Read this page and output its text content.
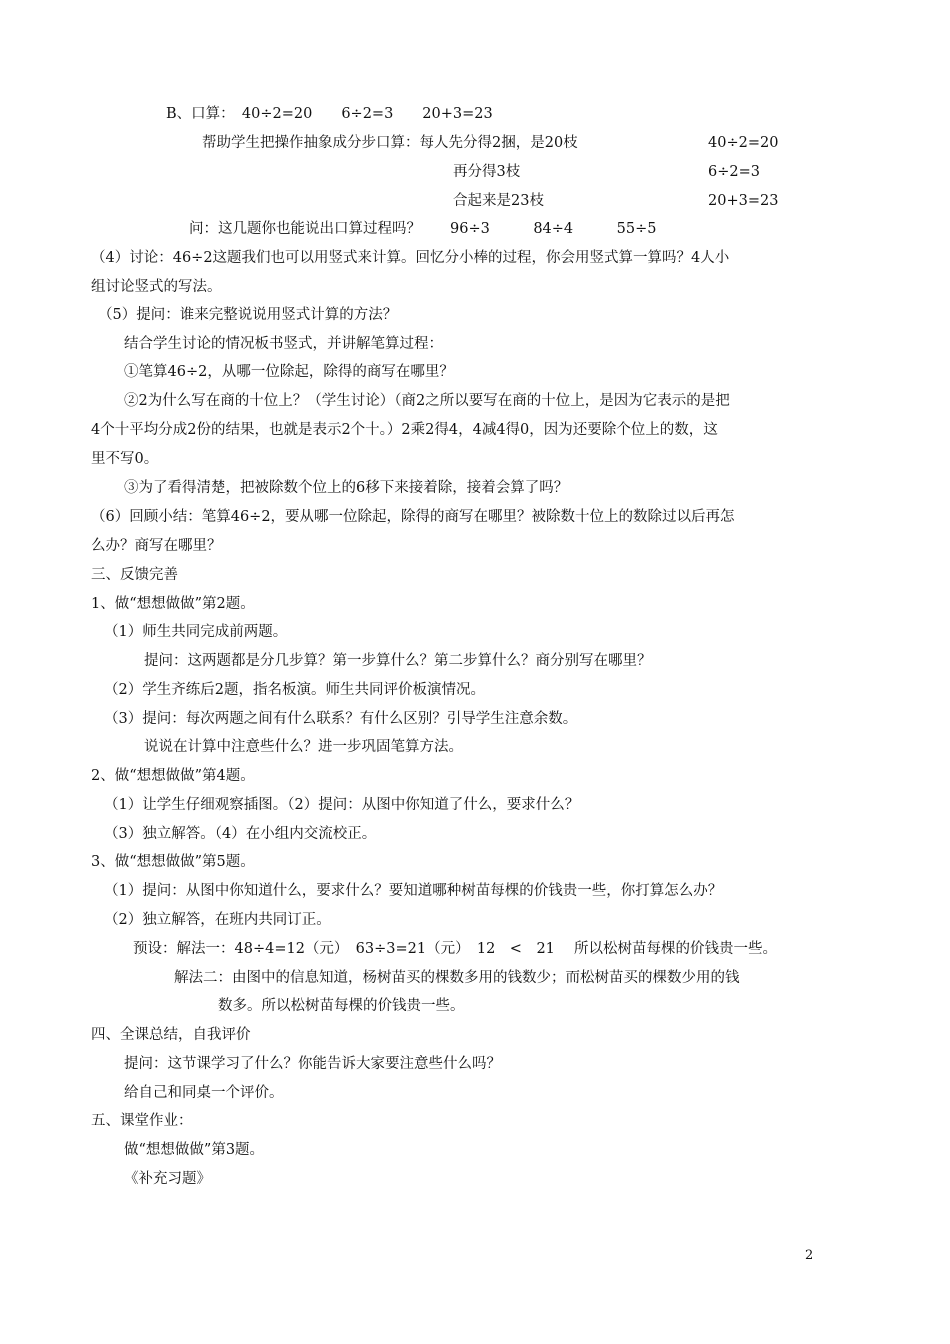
B、口算：　40÷2=20　　6÷2=3　　20+3=23
帮助学生把操作抽象成分步口算：每人先分得2捆，是20枝	40÷2=20
再分得3枝	6÷2=3
合起来是23枝	20+3=23
问：这几题你也能说出口算过程吗？　　96÷3　　　84÷4　　　55÷5
（4）讨论：46÷2这题我们也可以用竖式来计算。回忆分小棒的过程，你会用竖式算一算吗？4人小
组讨论竖式的写法。
（5）提问：谁来完整说说用竖式计算的方法？
结合学生讨论的情况板书竖式，并讲解笔算过程：
①笔算46÷2，从哪一位除起，除得的商写在哪里？
②2为什么写在商的十位上？（学生讨论）（商2之所以要写在商的十位上，是因为它表示的是把
4个十平均分成2份的结果，也就是表示2个十。）2乘2得4，4减4得0，因为还要除个位上的数，这
里不写0。
③为了看得清楚，把被除数个位上的6移下来接着除，接着会算了吗？
（6）回顾小结：笔算46÷2，要从哪一位除起，除得的商写在哪里？被除数十位上的数除过以后再怎
么办？商写在哪里？
三、反馈完善
1、做“想想做做”第2题。
（1）师生共同完成前两题。
提问：这两题都是分几步算？第一步算什么？第二步算什么？商分别写在哪里？
（2）学生齐练后2题，指名板演。师生共同评价板演情况。
（3）提问：每次两题之间有什么联系？有什么区别？引导学生注意余数。
说说在计算中注意些什么？进一步巩固笔算方法。
2、做“想想做做”第4题。
（1）让学生仔细观察插图。（2）提问：从图中你知道了什么，要求什么？
（3）独立解答。（4）在小组内交流校正。
3、做“想想做做”第5题。
（1）提问：从图中你知道什么，要求什么？要知道哪种树苗每棵的价钱贵一些，你打算怎么办？
（2）独立解答，在班内共同订正。
预设：解法一：48÷4=12（元）　63÷3=21（元）　12　<　21　 所以松树苗每棵的价钱贵一些。
解法二：由图中的信息知道，杨树苗买的棵数多用的钱数少；而松树苗买的棵数少用的钱
数多。所以松树苗每棵的价钱贵一些。
四、全课总结，自我评价
提问：这节课学习了什么？你能告诉大家要注意些什么吗？
给自己和同桌一个评价。
五、课堂作业：
做“想想做做”第3题。
《补充习题》
2
